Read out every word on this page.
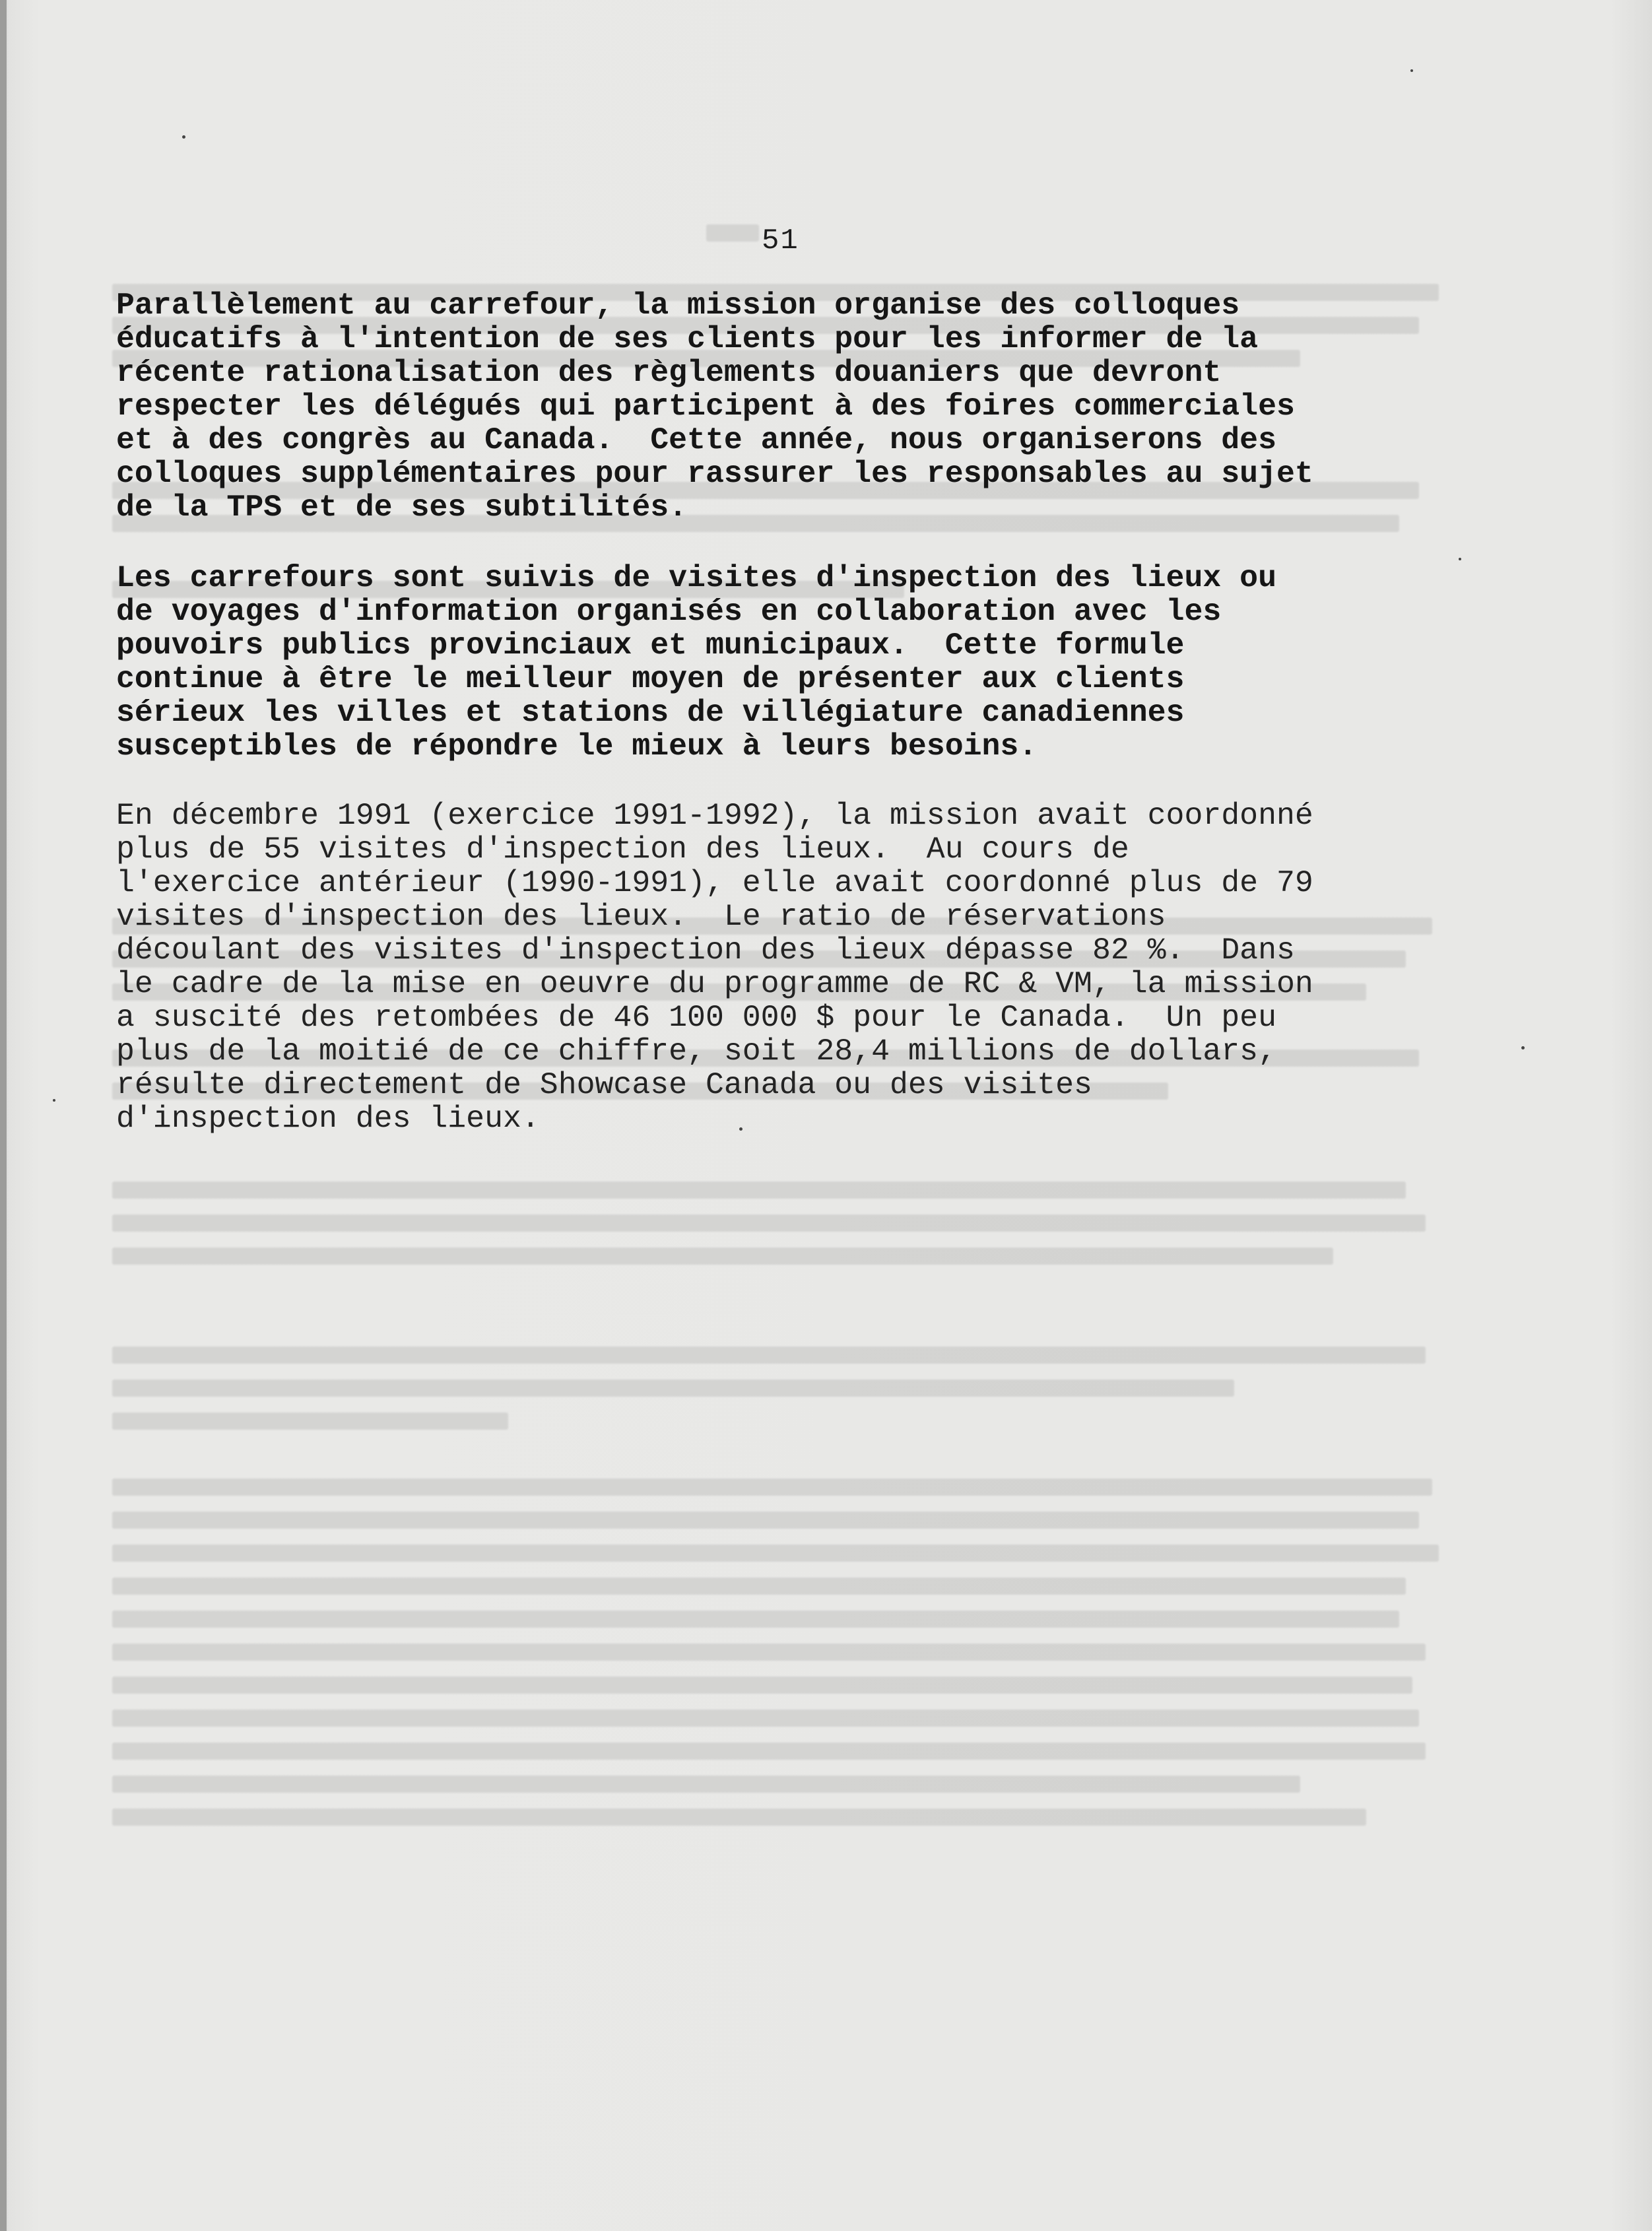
51
Parallèlement au carrefour, la mission organise des colloques
éducatifs à l'intention de ses clients pour les informer de la
récente rationalisation des règlements douaniers que devront
respecter les délégués qui participent à des foires commerciales
et à des congrès au Canada.  Cette année, nous organiserons des
colloques supplémentaires pour rassurer les responsables au sujet
de la TPS et de ses subtilités.
Les carrefours sont suivis de visites d'inspection des lieux ou
de voyages d'information organisés en collaboration avec les
pouvoirs publics provinciaux et municipaux.  Cette formule
continue à être le meilleur moyen de présenter aux clients
sérieux les villes et stations de villégiature canadiennes
susceptibles de répondre le mieux à leurs besoins.
En décembre 1991 (exercice 1991-1992), la mission avait coordonné
plus de 55 visites d'inspection des lieux.  Au cours de
l'exercice antérieur (1990-1991), elle avait coordonné plus de 79
visites d'inspection des lieux.  Le ratio de réservations
découlant des visites d'inspection des lieux dépasse 82 %.  Dans
le cadre de la mise en oeuvre du programme de RC & VM, la mission
a suscité des retombées de 46 100 000 $ pour le Canada.  Un peu
plus de la moitié de ce chiffre, soit 28,4 millions de dollars,
résulte directement de Showcase Canada ou des visites
d'inspection des lieux.
